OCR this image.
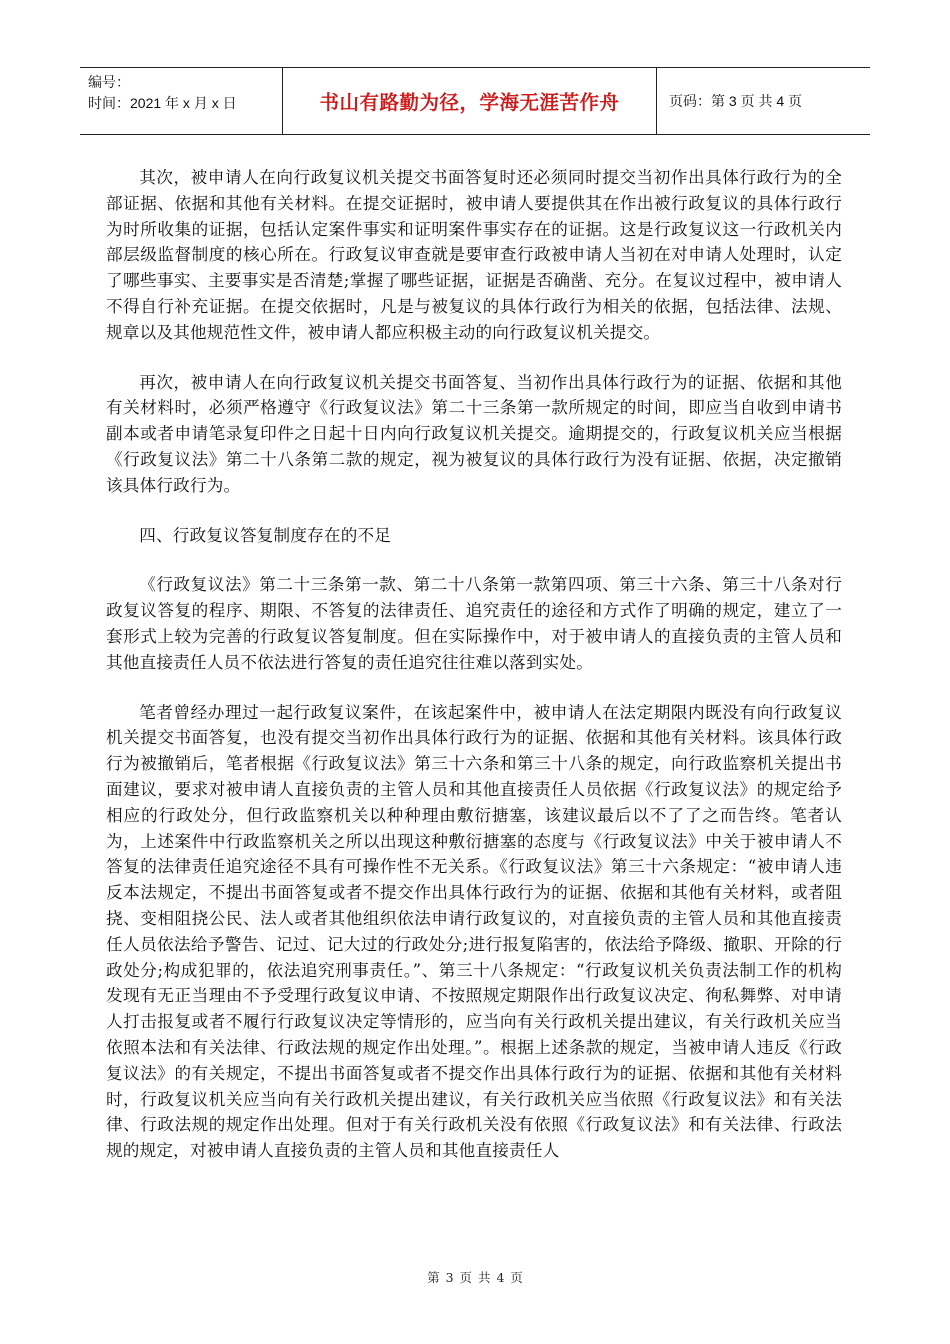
编号：
时间：2021 年 x 月 x 日	书山有路勤为径，学海无涯苦作舟	页码：第 3 页 共 4 页

其次，被申请人在向行政复议机关提交书面答复时还必须同时提交当初作出具体行政行为的全部证据、依据和其他有关材料。在提交证据时，被申请人要提供其在作出被行政复议的具体行政行为时所收集的证据，包括认定案件事实和证明案件事实存在的证据。这是行政复议这一行政机关内部层级监督制度的核心所在。行政复议审查就是要审查行政被申请人当初在对申请人处理时，认定了哪些事实、主要事实是否清楚;掌握了哪些证据，证据是否确凿、充分。在复议过程中，被申请人不得自行补充证据。在提交依据时，凡是与被复议的具体行政行为相关的依据，包括法律、法规、规章以及其他规范性文件，被申请人都应积极主动的向行政复议机关提交。

再次，被申请人在向行政复议机关提交书面答复、当初作出具体行政行为的证据、依据和其他有关材料时，必须严格遵守《行政复议法》第二十三条第一款所规定的时间，即应当自收到申请书副本或者申请笔录复印件之日起十日内向行政复议机关提交。逾期提交的，行政复议机关应当根据《行政复议法》第二十八条第二款的规定，视为被复议的具体行政行为没有证据、依据，决定撤销该具体行政行为。

四、行政复议答复制度存在的不足

《行政复议法》第二十三条第一款、第二十八条第一款第四项、第三十六条、第三十八条对行政复议答复的程序、期限、不答复的法律责任、追究责任的途径和方式作了明确的规定，建立了一套形式上较为完善的行政复议答复制度。但在实际操作中，对于被申请人的直接负责的主管人员和其他直接责任人员不依法进行答复的责任追究往往难以落到实处。

笔者曾经办理过一起行政复议案件，在该起案件中，被申请人在法定期限内既没有向行政复议机关提交书面答复，也没有提交当初作出具体行政行为的证据、依据和其他有关材料。该具体行政行为被撤销后，笔者根据《行政复议法》第三十六条和第三十八条的规定，向行政监察机关提出书面建议，要求对被申请人直接负责的主管人员和其他直接责任人员依据《行政复议法》的规定给予相应的行政处分，但行政监察机关以种种理由敷衍搪塞，该建议最后以不了了之而告终。笔者认为，上述案件中行政监察机关之所以出现这种敷衍搪塞的态度与《行政复议法》中关于被申请人不答复的法律责任追究途径不具有可操作性不无关系。《行政复议法》第三十六条规定：“被申请人违反本法规定，不提出书面答复或者不提交作出具体行政行为的证据、依据和其他有关材料，或者阻挠、变相阻挠公民、法人或者其他组织依法申请行政复议的，对直接负责的主管人员和其他直接责任人员依法给予警告、记过、记大过的行政处分;进行报复陷害的，依法给予降级、撤职、开除的行政处分;构成犯罪的，依法追究刑事责任。”、第三十八条规定：“行政复议机关负责法制工作的机构发现有无正当理由不予受理行政复议申请、不按照规定期限作出行政复议决定、徇私舞弊、对申请人打击报复或者不履行行政复议决定等情形的，应当向有关行政机关提出建议，有关行政机关应当依照本法和有关法律、行政法规的规定作出处理。”。根据上述条款的规定，当被申请人违反《行政复议法》的有关规定，不提出书面答复或者不提交作出具体行政行为的证据、依据和其他有关材料时，行政复议机关应当向有关行政机关提出建议，有关行政机关应当依照《行政复议法》和有关法律、行政法规的规定作出处理。但对于有关行政机关没有依照《行政复议法》和有关法律、行政法规的规定，对被申请人直接负责的主管人员和其他直接责任人

第 3 页 共 4 页
